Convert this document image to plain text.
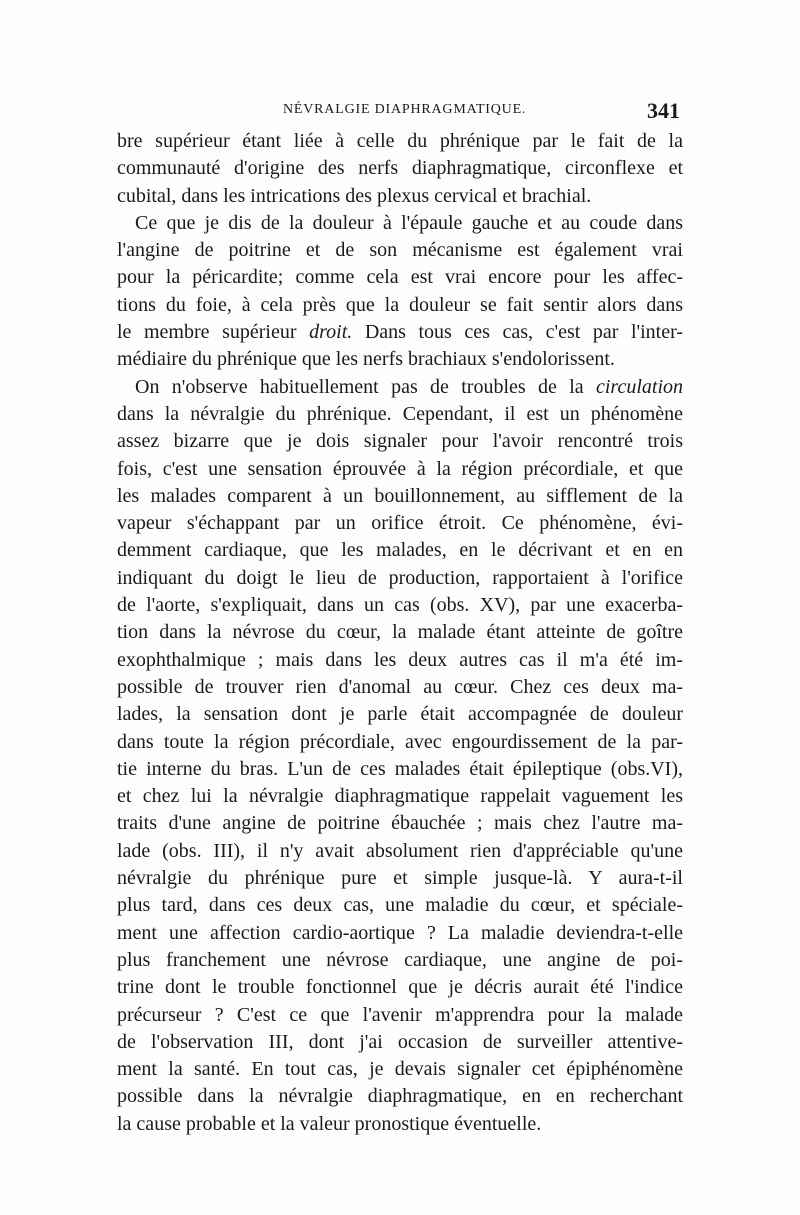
NÉVRALGIE DIAPHRAGMATIQUE.	341
bre supérieur étant liée à celle du phrénique par le fait de la
communauté d'origine des nerfs diaphragmatique, circonflexe et
cubital, dans les intrications des plexus cervical et brachial.
Ce que je dis de la douleur à l'épaule gauche et au coude dans
l'angine de poitrine et de son mécanisme est également vrai
pour la péricardite; comme cela est vrai encore pour les affec-
tions du foie, à cela près que la douleur se fait sentir alors dans
le membre supérieur droit. Dans tous ces cas, c'est par l'inter-
médiaire du phrénique que les nerfs brachiaux s'endolorissent.
On n'observe habituellement pas de troubles de la circulation
dans la névralgie du phrénique. Cependant, il est un phénomène
assez bizarre que je dois signaler pour l'avoir rencontré trois
fois, c'est une sensation éprouvée à la région précordiale, et que
les malades comparent à un bouillonnement, au sifflement de la
vapeur s'échappant par un orifice étroit. Ce phénomène, évi-
demment cardiaque, que les malades, en le décrivant et en en
indiquant du doigt le lieu de production, rapportaient à l'orifice
de l'aorte, s'expliquait, dans un cas (obs. XV), par une exacerba-
tion dans la névrose du cœur, la malade étant atteinte de goître
exophthalmique ; mais dans les deux autres cas il m'a été im-
possible de trouver rien d'anomal au cœur. Chez ces deux ma-
lades, la sensation dont je parle était accompagnée de douleur
dans toute la région précordiale, avec engourdissement de la par-
tie interne du bras. L'un de ces malades était épileptique (obs.VI),
et chez lui la névralgie diaphragmatique rappelait vaguement les
traits d'une angine de poitrine ébauchée ; mais chez l'autre ma-
lade (obs. III), il n'y avait absolument rien d'appréciable qu'une
névralgie du phrénique pure et simple jusque-là. Y aura-t-il
plus tard, dans ces deux cas, une maladie du cœur, et spéciale-
ment une affection cardio-aortique ? La maladie deviendra-t-elle
plus franchement une névrose cardiaque, une angine de poi-
trine dont le trouble fonctionnel que je décris aurait été l'indice
précurseur ? C'est ce que l'avenir m'apprendra pour la malade
de l'observation III, dont j'ai occasion de surveiller attentive-
ment la santé. En tout cas, je devais signaler cet épiphénomène
possible dans la névralgie diaphragmatique, en en recherchant
la cause probable et la valeur pronostique éventuelle.
